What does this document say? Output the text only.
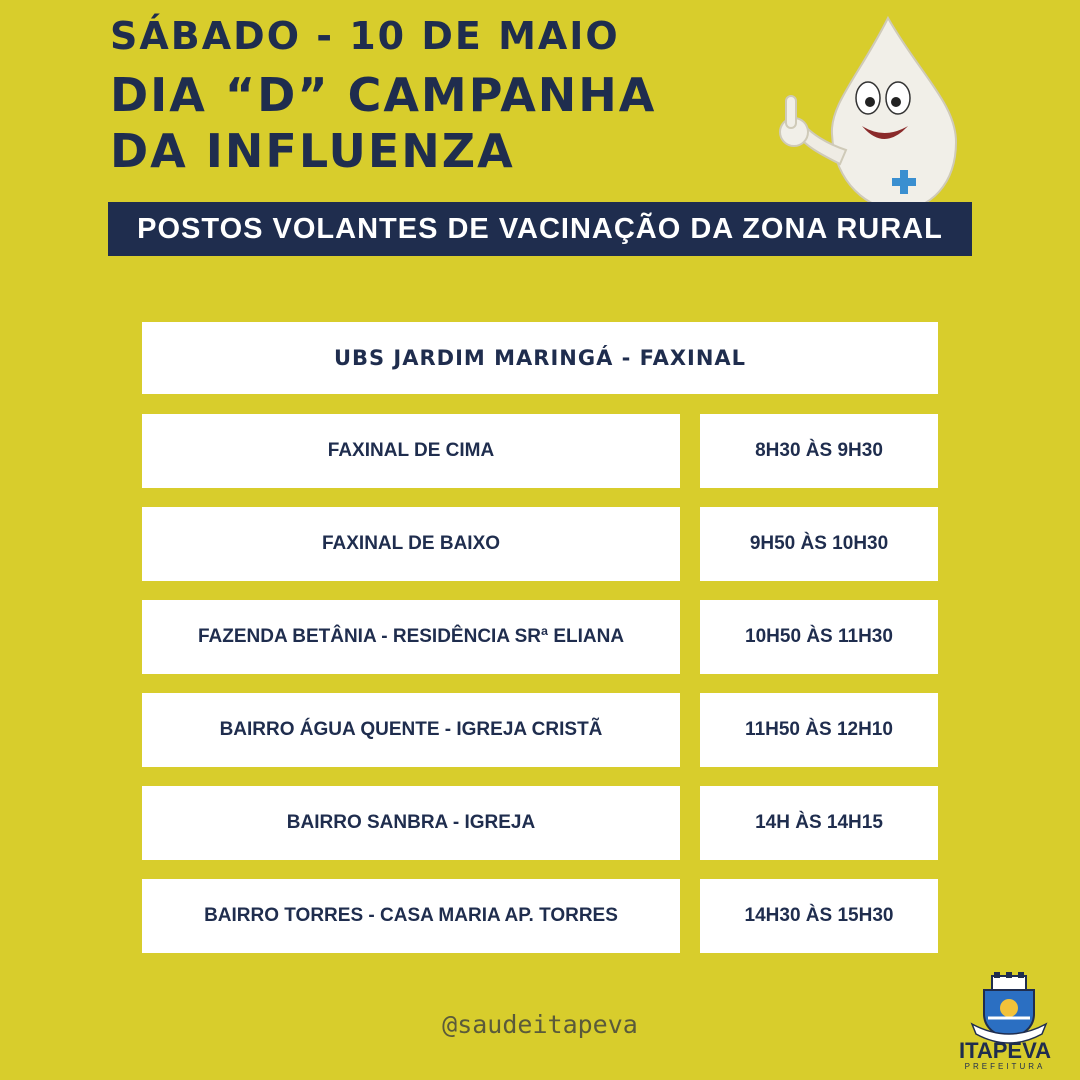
SÁBADO - 10 DE MAIO
DIA “D” CAMPANHA
DA INFLUENZA
POSTOS VOLANTES DE VACINAÇÃO DA ZONA RURAL
UBS JARDIM MARINGÁ - FAXINAL
FAXINAL DE CIMA	8H30 ÀS 9H30
FAXINAL DE BAIXO	9H50 ÀS 10H30
FAZENDA BETÂNIA - RESIDÊNCIA SRª ELIANA	10H50 ÀS 11H30
BAIRRO ÁGUA QUENTE - IGREJA CRISTÃ	11H50 ÀS 12H10
BAIRRO SANBRA - IGREJA	14H ÀS 14H15
BAIRRO TORRES - CASA MARIA AP. TORRES	14H30 ÀS 15H30
@saudeitapeva
ITAPEVA
PREFEITURA
